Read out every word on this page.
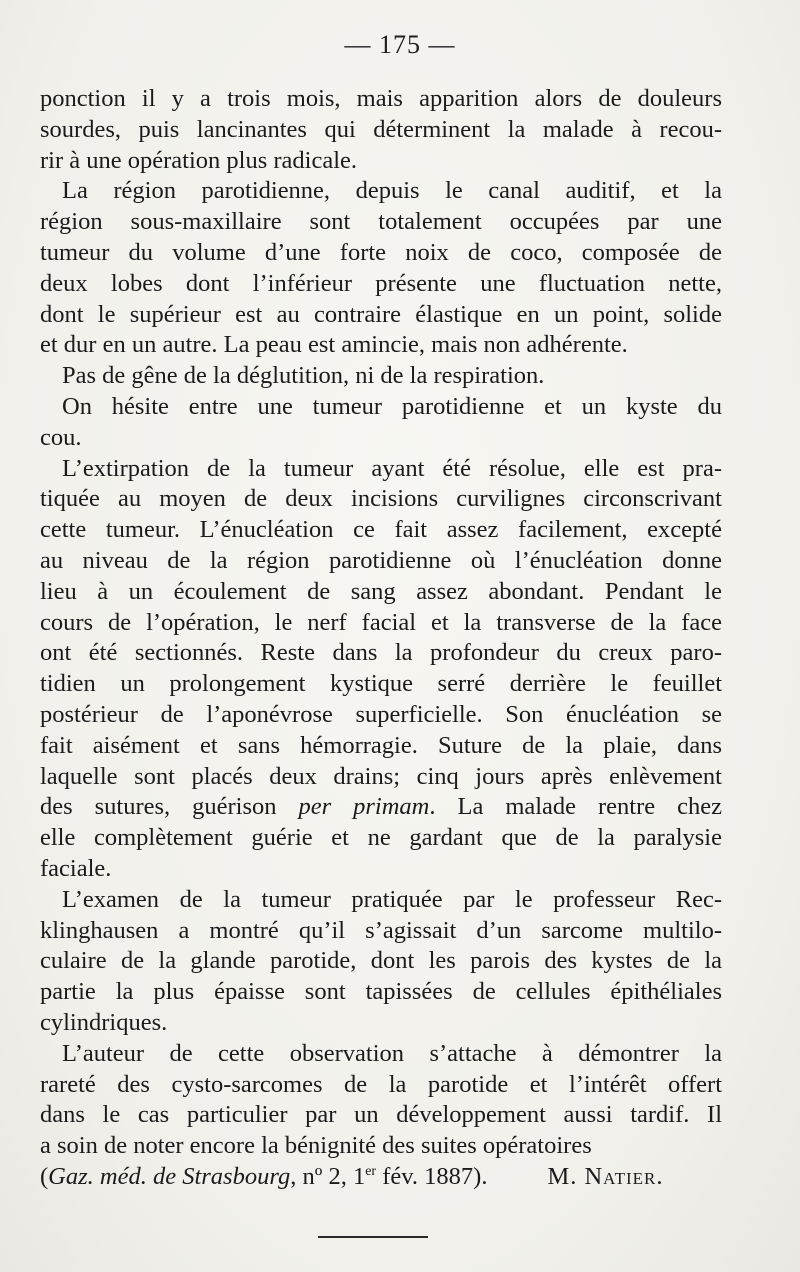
— 175 —
ponction il y a trois mois, mais apparition alors de douleurs
sourdes, puis lancinantes qui déterminent la malade à recou-
rir à une opération plus radicale.
La région parotidienne, depuis le canal auditif, et la
région sous-maxillaire sont totalement occupées par une
tumeur du volume d’une forte noix de coco, composée de
deux lobes dont l’inférieur présente une fluctuation nette,
dont le supérieur est au contraire élastique en un point, solide
et dur en un autre. La peau est amincie, mais non adhérente.
Pas de gêne de la déglutition, ni de la respiration.
On hésite entre une tumeur parotidienne et un kyste du
cou.
L’extirpation de la tumeur ayant été résolue, elle est pra-
tiquée au moyen de deux incisions curvilignes circonscrivant
cette tumeur. L’énucléation ce fait assez facilement, excepté
au niveau de la région parotidienne où l’énucléation donne
lieu à un écoulement de sang assez abondant. Pendant le
cours de l’opération, le nerf facial et la transverse de la face
ont été sectionnés. Reste dans la profondeur du creux paro-
tidien un prolongement kystique serré derrière le feuillet
postérieur de l’aponévrose superficielle. Son énucléation se
fait aisément et sans hémorragie. Suture de la plaie, dans
laquelle sont placés deux drains; cinq jours après enlèvement
des sutures, guérison per primam. La malade rentre chez
elle complètement guérie et ne gardant que de la paralysie
faciale.
L’examen de la tumeur pratiquée par le professeur Rec-
klinghausen a montré qu’il s’agissait d’un sarcome multilo-
culaire de la glande parotide, dont les parois des kystes de la
partie la plus épaisse sont tapissées de cellules épithéliales
cylindriques.
L’auteur de cette observation s’attache à démontrer la
rareté des cysto-sarcomes de la parotide et l’intérêt offert
dans le cas particulier par un développement aussi tardif. Il
a soin de noter encore la bénignité des suites opératoires
(Gaz. méd. de Strasbourg, nº 2, 1er fév. 1887). M. Natier.
